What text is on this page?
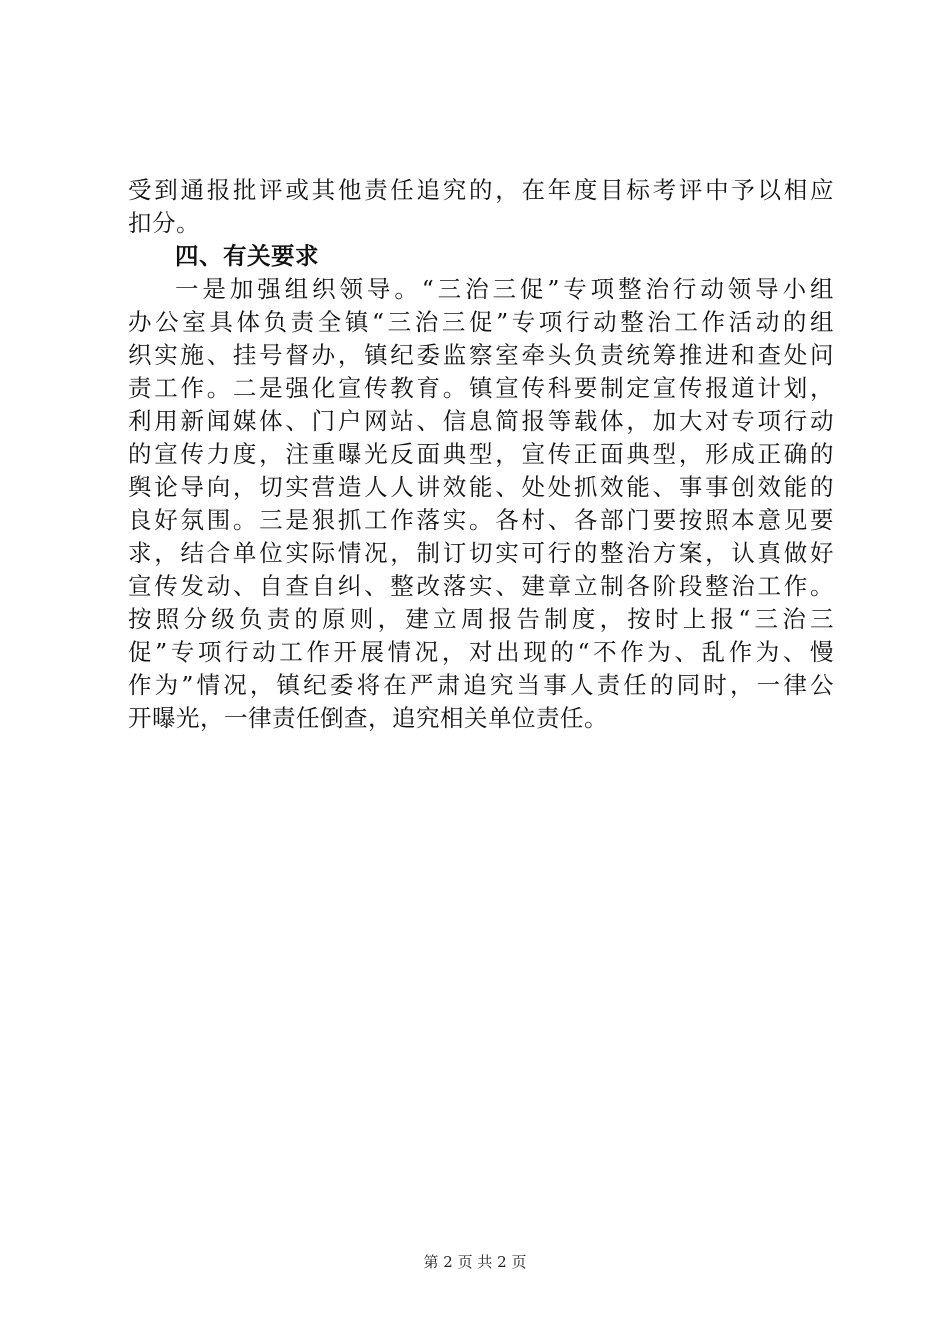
受到通报批评或其他责任追究的，在年度目标考评中予以相应
扣分。
四、有关要求
一是加强组织领导。“三治三促”专项整治行动领导小组
办公室具体负责全镇“三治三促”专项行动整治工作活动的组
织实施、挂号督办，镇纪委监察室牵头负责统筹推进和查处问
责工作。二是强化宣传教育。镇宣传科要制定宣传报道计划，
利用新闻媒体、门户网站、信息简报等载体，加大对专项行动
的宣传力度，注重曝光反面典型，宣传正面典型，形成正确的
舆论导向，切实营造人人讲效能、处处抓效能、事事创效能的
良好氛围。三是狠抓工作落实。各村、各部门要按照本意见要
求，结合单位实际情况，制订切实可行的整治方案，认真做好
宣传发动、自查自纠、整改落实、建章立制各阶段整治工作。
按照分级负责的原则，建立周报告制度，按时上报“三治三
促”专项行动工作开展情况，对出现的“不作为、乱作为、慢
作为”情况，镇纪委将在严肃追究当事人责任的同时，一律公
开曝光，一律责任倒查，追究相关单位责任。
第 2 页 共 2 页
